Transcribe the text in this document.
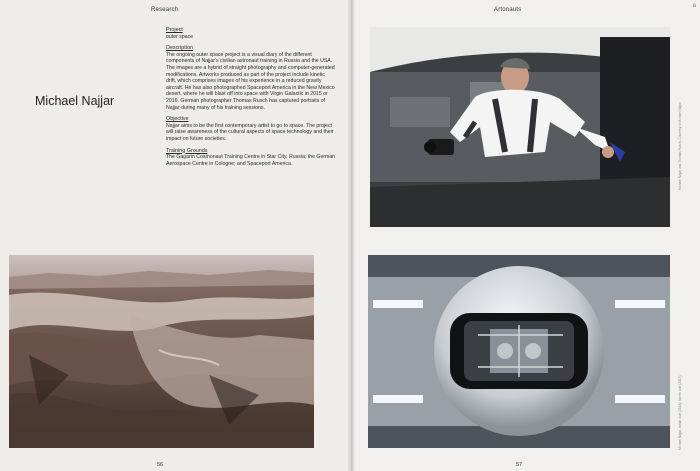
Research
Michael Najjar

Project

outer space

Description

The ongoing outer space project is a visual diary of the different components of Najjar's civilian astronaut training in Russia and the USA. The images are a hybrid of straight photography and computer-generated modifications. Artworks produced as part of the project include kinetic drift, which comprises images of his experience in a reduced gravity aircraft. He has also photographed Spaceport America in the New Mexico desert, where he will blast off into space with Virgin Galactic in 2015 or 2016. German photographer Thomas Rusch has captured portraits of Najjar during many of his training sessions.

Objective

Najjar aims to be the first contemporary artist to go to space. The project will raise awareness of the cultural aspects of space technology and their impact on future societies.

Training Grounds

The Gagarin Cosmonaut Training Centre in Star City, Russia; the German Aerospace Centre in Cologne; and Spaceport America.

56
Artonauts
a
57
Michael Najjar and Thomas Rusch. Courtesy of Michael Najjar
Michael Najjar, stellar dust (2013); kinetic drift (2013)
